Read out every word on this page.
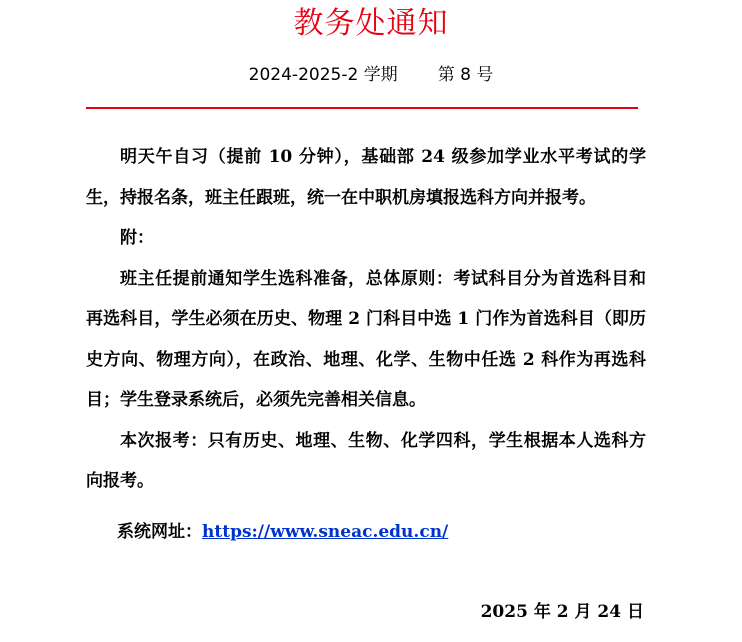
教务处通知
2024-2025-2 学期 第 8 号

明天午自习（提前 10 分钟），基础部 24 级参加学业水平考试的学生，持报名条，班主任跟班，统一在中职机房填报选科方向并报考。

附：

班主任提前通知学生选科准备，总体原则：考试科目分为首选科目和再选科目，学生必须在历史、物理 2 门科目中选 1 门作为首选科目（即历史方向、物理方向），在政治、地理、化学、生物中任选 2 科作为再选科目；学生登录系统后，必须先完善相关信息。

本次报考：只有历史、地理、生物、化学四科，学生根据本人选科方向报考。

系统网址：https://www.sneac.edu.cn/
2025 年 2 月 24 日
